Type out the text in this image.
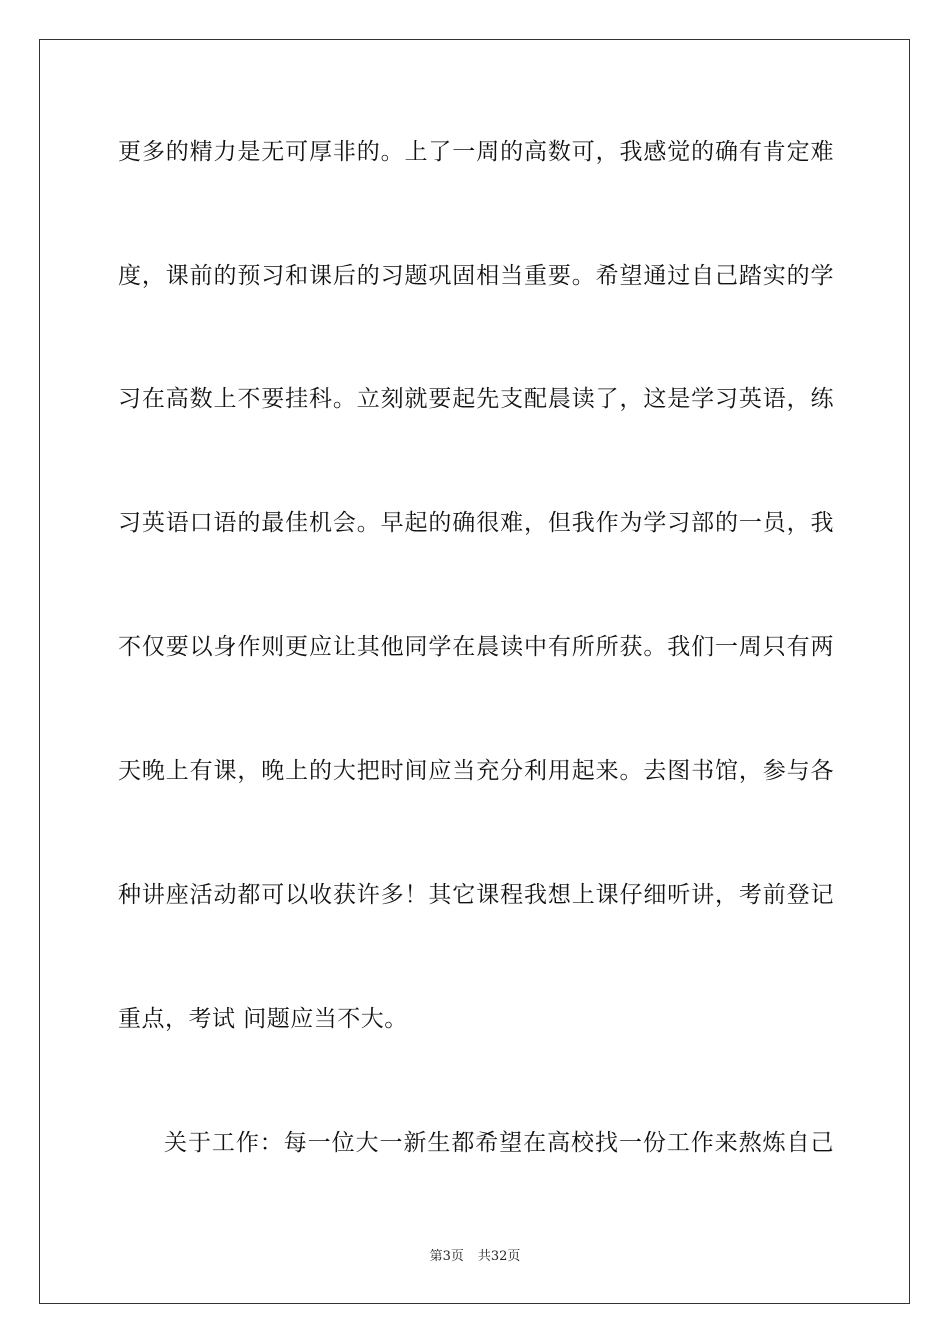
更多的精力是无可厚非的。上了一周的高数可，我感觉的确有肯定难
度，课前的预习和课后的习题巩固相当重要。希望通过自己踏实的学
习在高数上不要挂科。立刻就要起先支配晨读了，这是学习英语，练
习英语口语的最佳机会。早起的确很难，但我作为学习部的一员，我
不仅要以身作则更应让其他同学在晨读中有所所获。我们一周只有两
天晚上有课，晚上的大把时间应当充分利用起来。去图书馆，参与各
种讲座活动都可以收获许多！其它课程我想上课仔细听讲，考前登记
重点，考试 问题应当不大。
关于工作：每一位大一新生都希望在高校找一份工作来熬炼自己
第3页 共32页
